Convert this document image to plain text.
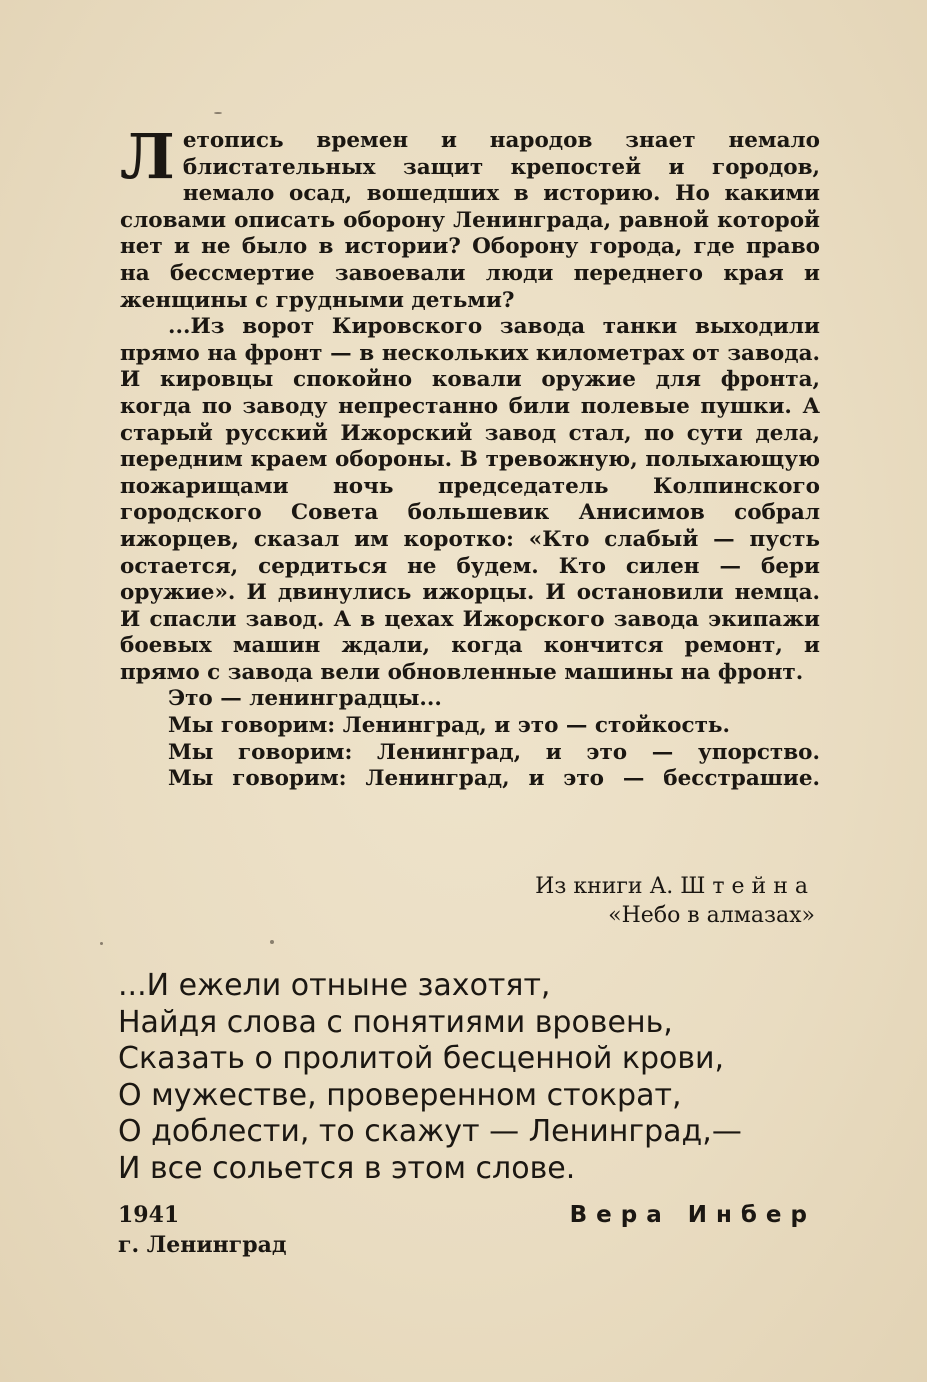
Летопись времен и народов знает немало блистательных защит крепостей и городов, немало осад, вошедших в историю. Но какими словами описать оборону Ленинграда, равной которой нет и не было в истории? Оборону города, где право на бессмертие завоевали люди переднего края и женщины с грудными детьми?

...Из ворот Кировского завода танки выходили прямо на фронт — в нескольких километрах от завода. И кировцы спокойно ковали оружие для фронта, когда по заводу непрестанно били полевые пушки. А старый русский Ижорский завод стал, по сути дела, передним краем обороны. В тревожную, полыхающую пожарищами ночь председатель Колпинского городского Совета большевик Анисимов собрал ижорцев, сказал им коротко: «Кто слабый — пусть остается, сердиться не будем. Кто силен — бери оружие». И двинулись ижорцы. И остановили немца. И спасли завод. А в цехах Ижорского завода экипажи боевых машин ждали, когда кончится ремонт, и прямо с завода вели обновленные машины на фронт.

Это — ленинградцы...

Мы говорим: Ленинград, и это — стойкость.
Мы говорим: Ленинград, и это — упорство.
Мы говорим: Ленинград, и это — бесстрашие.
Из книги А. Штейна
«Небо в алмазах»
...И ежели отныне захотят,
Найдя слова с понятиями вровень,
Сказать о пролитой бесценной крови,
О мужестве, проверенном стократ,
О доблести, то скажут — Ленинград,—
И все сольется в этом слове.
1941
г. Ленинград
Вера Инбер
